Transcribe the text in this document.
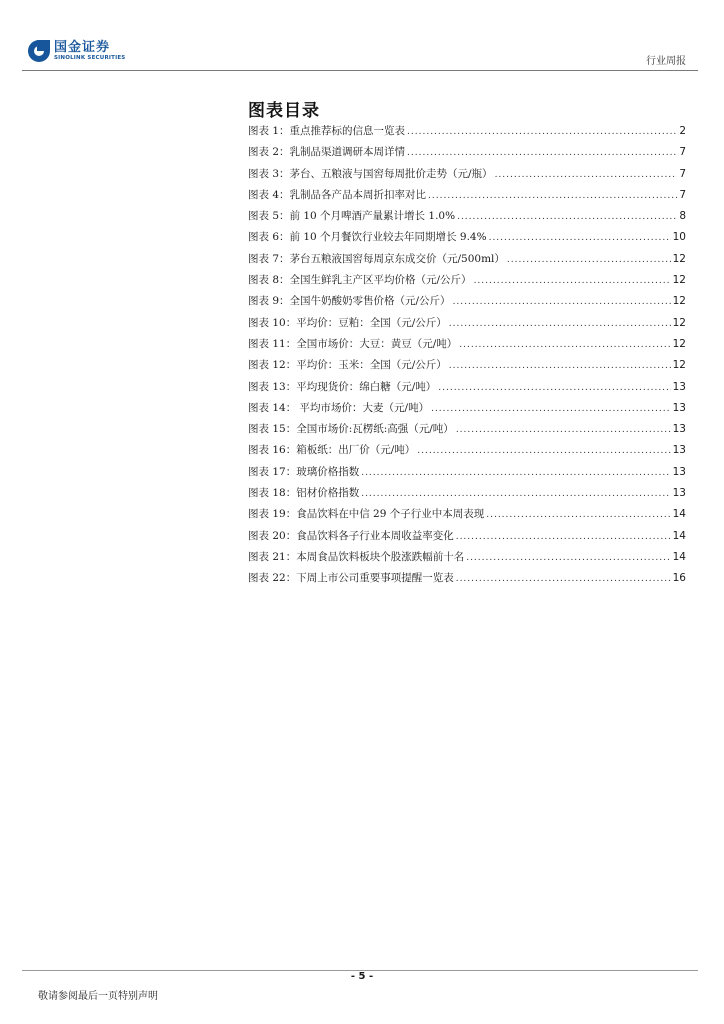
国金证券
SINOLINK SECURITIES	行业周报
图表目录
图表 1：重点推荐标的信息一览表 .....	2
图表 2：乳制品渠道调研本周详情 .....	7
图表 3：茅台、五粮液与国窖每周批价走势（元/瓶） .....	7
图表 4：乳制品各产品本周折扣率对比 .....	7
图表 5：前 10 个月啤酒产量累计增长 1.0% .....	8
图表 6：前 10 个月餐饮行业较去年同期增长 9.4% .....	10
图表 7：茅台五粮液国窖每周京东成交价（元/500ml） .....	12
图表 8：全国生鲜乳主产区平均价格（元/公斤） .....	12
图表 9：全国牛奶酸奶零售价格（元/公斤） .....	12
图表 10：平均价：豆粕：全国（元/公斤） .....	12
图表 11：全国市场价：大豆：黄豆（元/吨） .....	12
图表 12：平均价：玉米：全国（元/公斤） .....	12
图表 13：平均现货价：绵白糖（元/吨） .....	13
图表 14： 平均市场价：大麦（元/吨） .....	13
图表 15：全国市场价:瓦楞纸:高强（元/吨） .....	13
图表 16：箱板纸：出厂价（元/吨） .....	13
图表 17：玻璃价格指数 .....	13
图表 18：铝材价格指数 .....	13
图表 19：食品饮料在中信 29 个子行业中本周表现 .....	14
图表 20：食品饮料各子行业本周收益率变化 .....	14
图表 21：本周食品饮料板块个股涨跌幅前十名 .....	14
图表 22：下周上市公司重要事项提醒一览表 .....	16
- 5 -
敬请参阅最后一页特别声明
